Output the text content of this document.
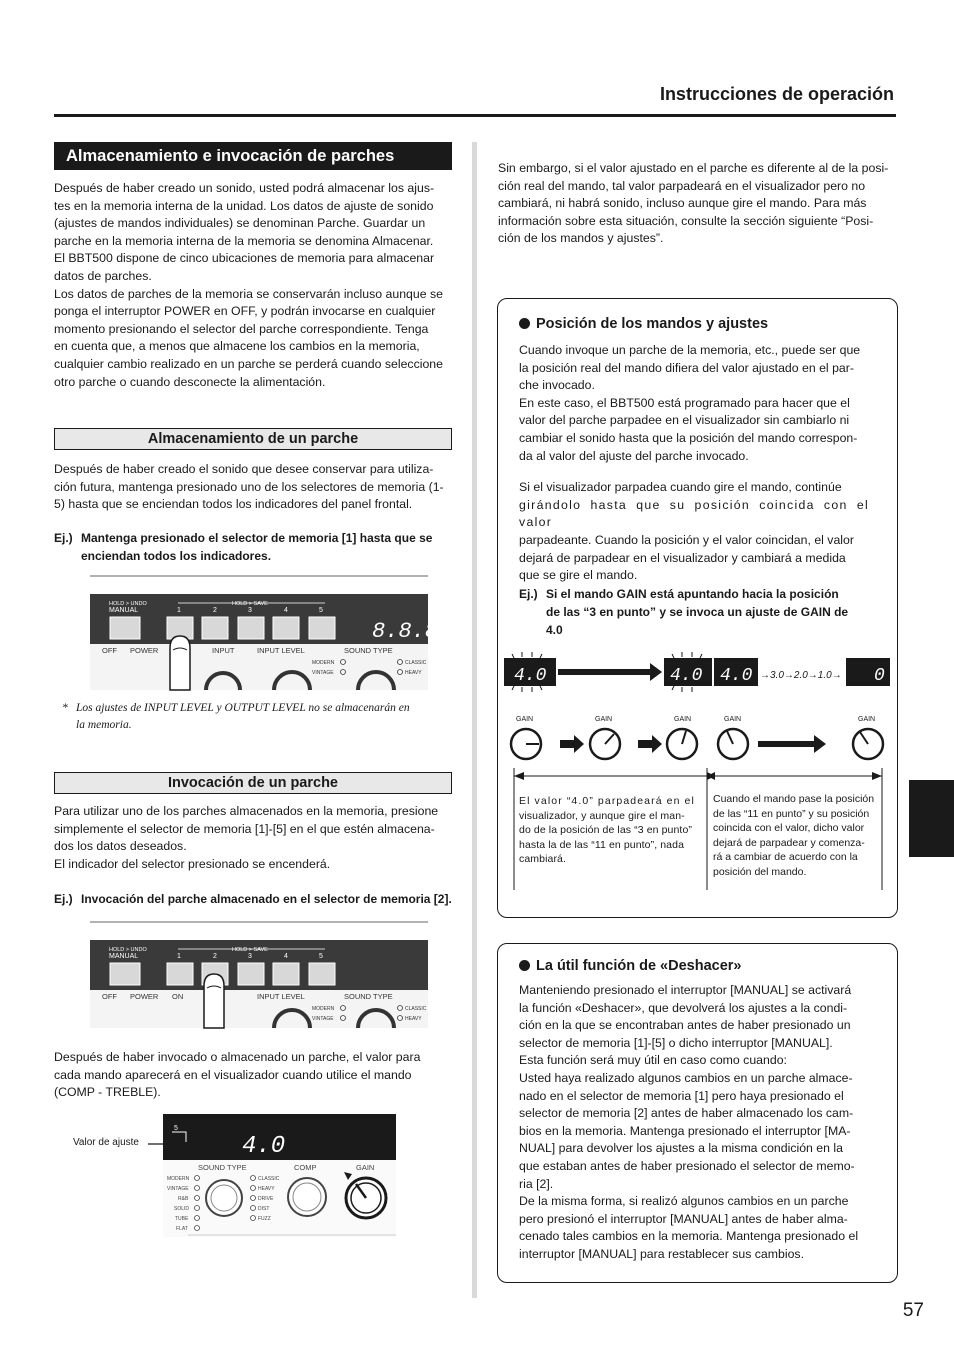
Instrucciones de operación
Almacenamiento e invocación de parches
Después de haber creado un sonido, usted podrá almacenar los ajus-
tes en la memoria interna de la unidad. Los datos de ajuste de sonido
(ajustes de mandos individuales) se denominan Parche. Guardar un
parche en la memoria interna de la memoria se denomina Almacenar.
El BBT500 dispone de cinco ubicaciones de memoria para almacenar
datos de parches.
Los datos de parches de la memoria se conservarán incluso aunque se
ponga el interruptor POWER en OFF, y podrán invocarse en cualquier
momento presionando el selector del parche correspondiente. Tenga
en cuenta que, a menos que almacene los cambios en la memoria,
cualquier cambio realizado en un parche se perderá cuando seleccione
otro parche o cuando desconecte la alimentación.
Almacenamiento de un parche
Después de haber creado el sonido que desee conservar para utiliza-
ción futura, mantenga presionado uno de los selectores de memoria (1-
5) hasta que se enciendan todos los indicadores del panel frontal.
Ej.) Mantenga presionado el selector de memoria [1] hasta que se
enciendan todos los indicadores.
HOLD > UNDO
MANUAL
HOLD > SAVE
1	2	3	4	5
8.8.8.
OFF POWER	INPUT	INPUT LEVEL	SOUND TYPE
MODERN
VINTAGE
CLASSIC
HEAVY
* Los ajustes de INPUT LEVEL y OUTPUT LEVEL no se almacenarán en
la memoria.
Invocación de un parche
Para utilizar uno de los parches almacenados en la memoria, presione
simplemente el selector de memoria [1]-[5] en el que estén almacena-
dos los datos deseados.
El indicador del selector presionado se encenderá.
Ej.) Invocación del parche almacenado en el selector de memoria [2].
HOLD > UNDO
MANUAL
HOLD > SAVE
1	2	3	4	5
OFF POWER ON	INPUT LEVEL	SOUND TYPE
MODERN
VINTAGE
CLASSIC
HEAVY
Después de haber invocado o almacenado un parche, el valor para
cada mando aparecerá en el visualizador cuando utilice el mando
(COMP - TREBLE).
Valor de ajuste
5
4.0
SOUND TYPE	COMP	GAIN
MODERN
VINTAGE
R&B
SOLID
TUBE
FLAT
CLASSIC
HEAVY
DRIVE
DIST
FUZZ
Sin embargo, si el valor ajustado en el parche es diferente al de la posi-
ción real del mando, tal valor parpadeará en el visualizador pero no
cambiará, ni habrá sonido, incluso aunque gire el mando. Para más
información sobre esta situación, consulte la sección siguiente “Posi-
ción de los mandos y ajustes”.
Posición de los mandos y ajustes
Cuando invoque un parche de la memoria, etc., puede ser que
la posición real del mando difiera del valor ajustado en el par-
che invocado.
En este caso, el BBT500 está programado para hacer que el
valor del parche parpadee en el visualizador sin cambiarlo ni
cambiar el sonido hasta que la posición del mando correspon-
da al valor del ajuste del parche invocado.
Si el visualizador parpadea cuando gire el mando, continúe
girándolo hasta que su posición coincida con el valor
parpadeante. Cuando la posición y el valor coincidan, el valor
dejará de parpadear en el visualizador y cambiará a medida
que se gire el mando.
Ej.) Si el mando GAIN está apuntando hacia la posición
de las “3 en punto” y se invoca un ajuste de GAIN de
4.0
4.0	4.0 4.0 →3.0→2.0→1.0→ 0
GAIN	GAIN	GAIN	GAIN	GAIN
El valor “4.0” parpadeará en el
visualizador, y aunque gire el man-
do de la posición de las “3 en punto”
hasta la de las “11 en punto”, nada
cambiará.
Cuando el mando pase la posición
de las “11 en punto” y su posición
coincida con el valor, dicho valor
dejará de parpadear y comenza-
rá a cambiar de acuerdo con la
posición del mando.
La útil función de «Deshacer»
Manteniendo presionado el interruptor [MANUAL] se activará
la función «Deshacer», que devolverá los ajustes a la condi-
ción en la que se encontraban antes de haber presionado un
selector de memoria [1]-[5] o dicho interruptor [MANUAL].
Esta función será muy útil en caso como cuando:
Usted haya realizado algunos cambios en un parche almace-
nado en el selector de memoria [1] pero haya presionado el
selector de memoria [2] antes de haber almacenado los cam-
bios en la memoria. Mantenga presionado el interruptor [MA-
NUAL] para devolver los ajustes a la misma condición en la
que estaban antes de haber presionado el selector de memo-
ria [2].
De la misma forma, si realizó algunos cambios en un parche
pero presionó el interruptor [MANUAL] antes de haber alma-
cenado tales cambios en la memoria. Mantenga presionado el
interruptor [MANUAL] para restablecer sus cambios.
57
